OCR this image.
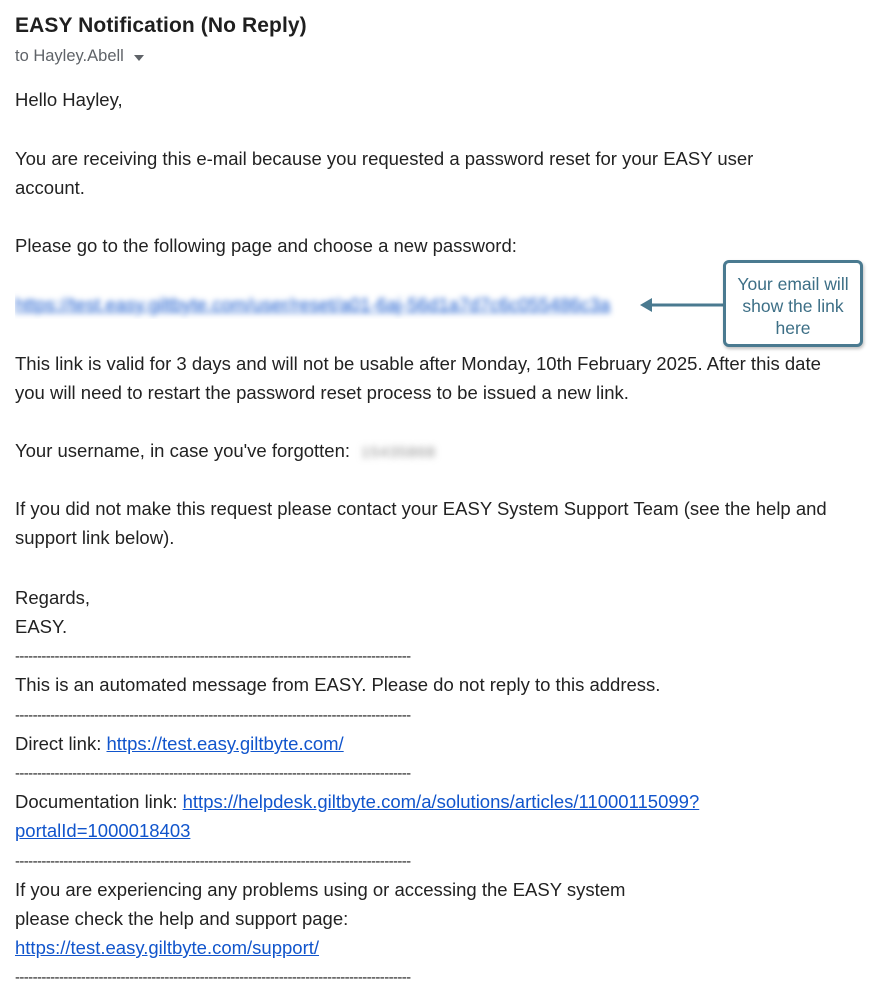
EASY Notification (No Reply)
to Hayley.Abell
Hello Hayley,
You are receiving this e-mail because you requested a password reset for your EASY user
account.
Please go to the following page and choose a new password:
https://test.easy.giltbyte.com/user/reset/a01-6aj-56d1a7d7c6c055486c3a
Your email will
show the link
here
This link is valid for 3 days and will not be usable after Monday, 10th February 2025. After this date
you will need to restart the password reset process to be issued a new link.
Your username, in case you've forgotten: 15435868
If you did not make this request please contact your EASY System Support Team (see the help and
support link below).
Regards,
EASY.
------------------------------------------------------------------------------------------
This is an automated message from EASY. Please do not reply to this address.
------------------------------------------------------------------------------------------
Direct link: https://test.easy.giltbyte.com/
------------------------------------------------------------------------------------------
Documentation link: https://helpdesk.giltbyte.com/a/solutions/articles/11000115099?
portalId=1000018403
------------------------------------------------------------------------------------------
If you are experiencing any problems using or accessing the EASY system
please check the help and support page:
https://test.easy.giltbyte.com/support/
------------------------------------------------------------------------------------------
